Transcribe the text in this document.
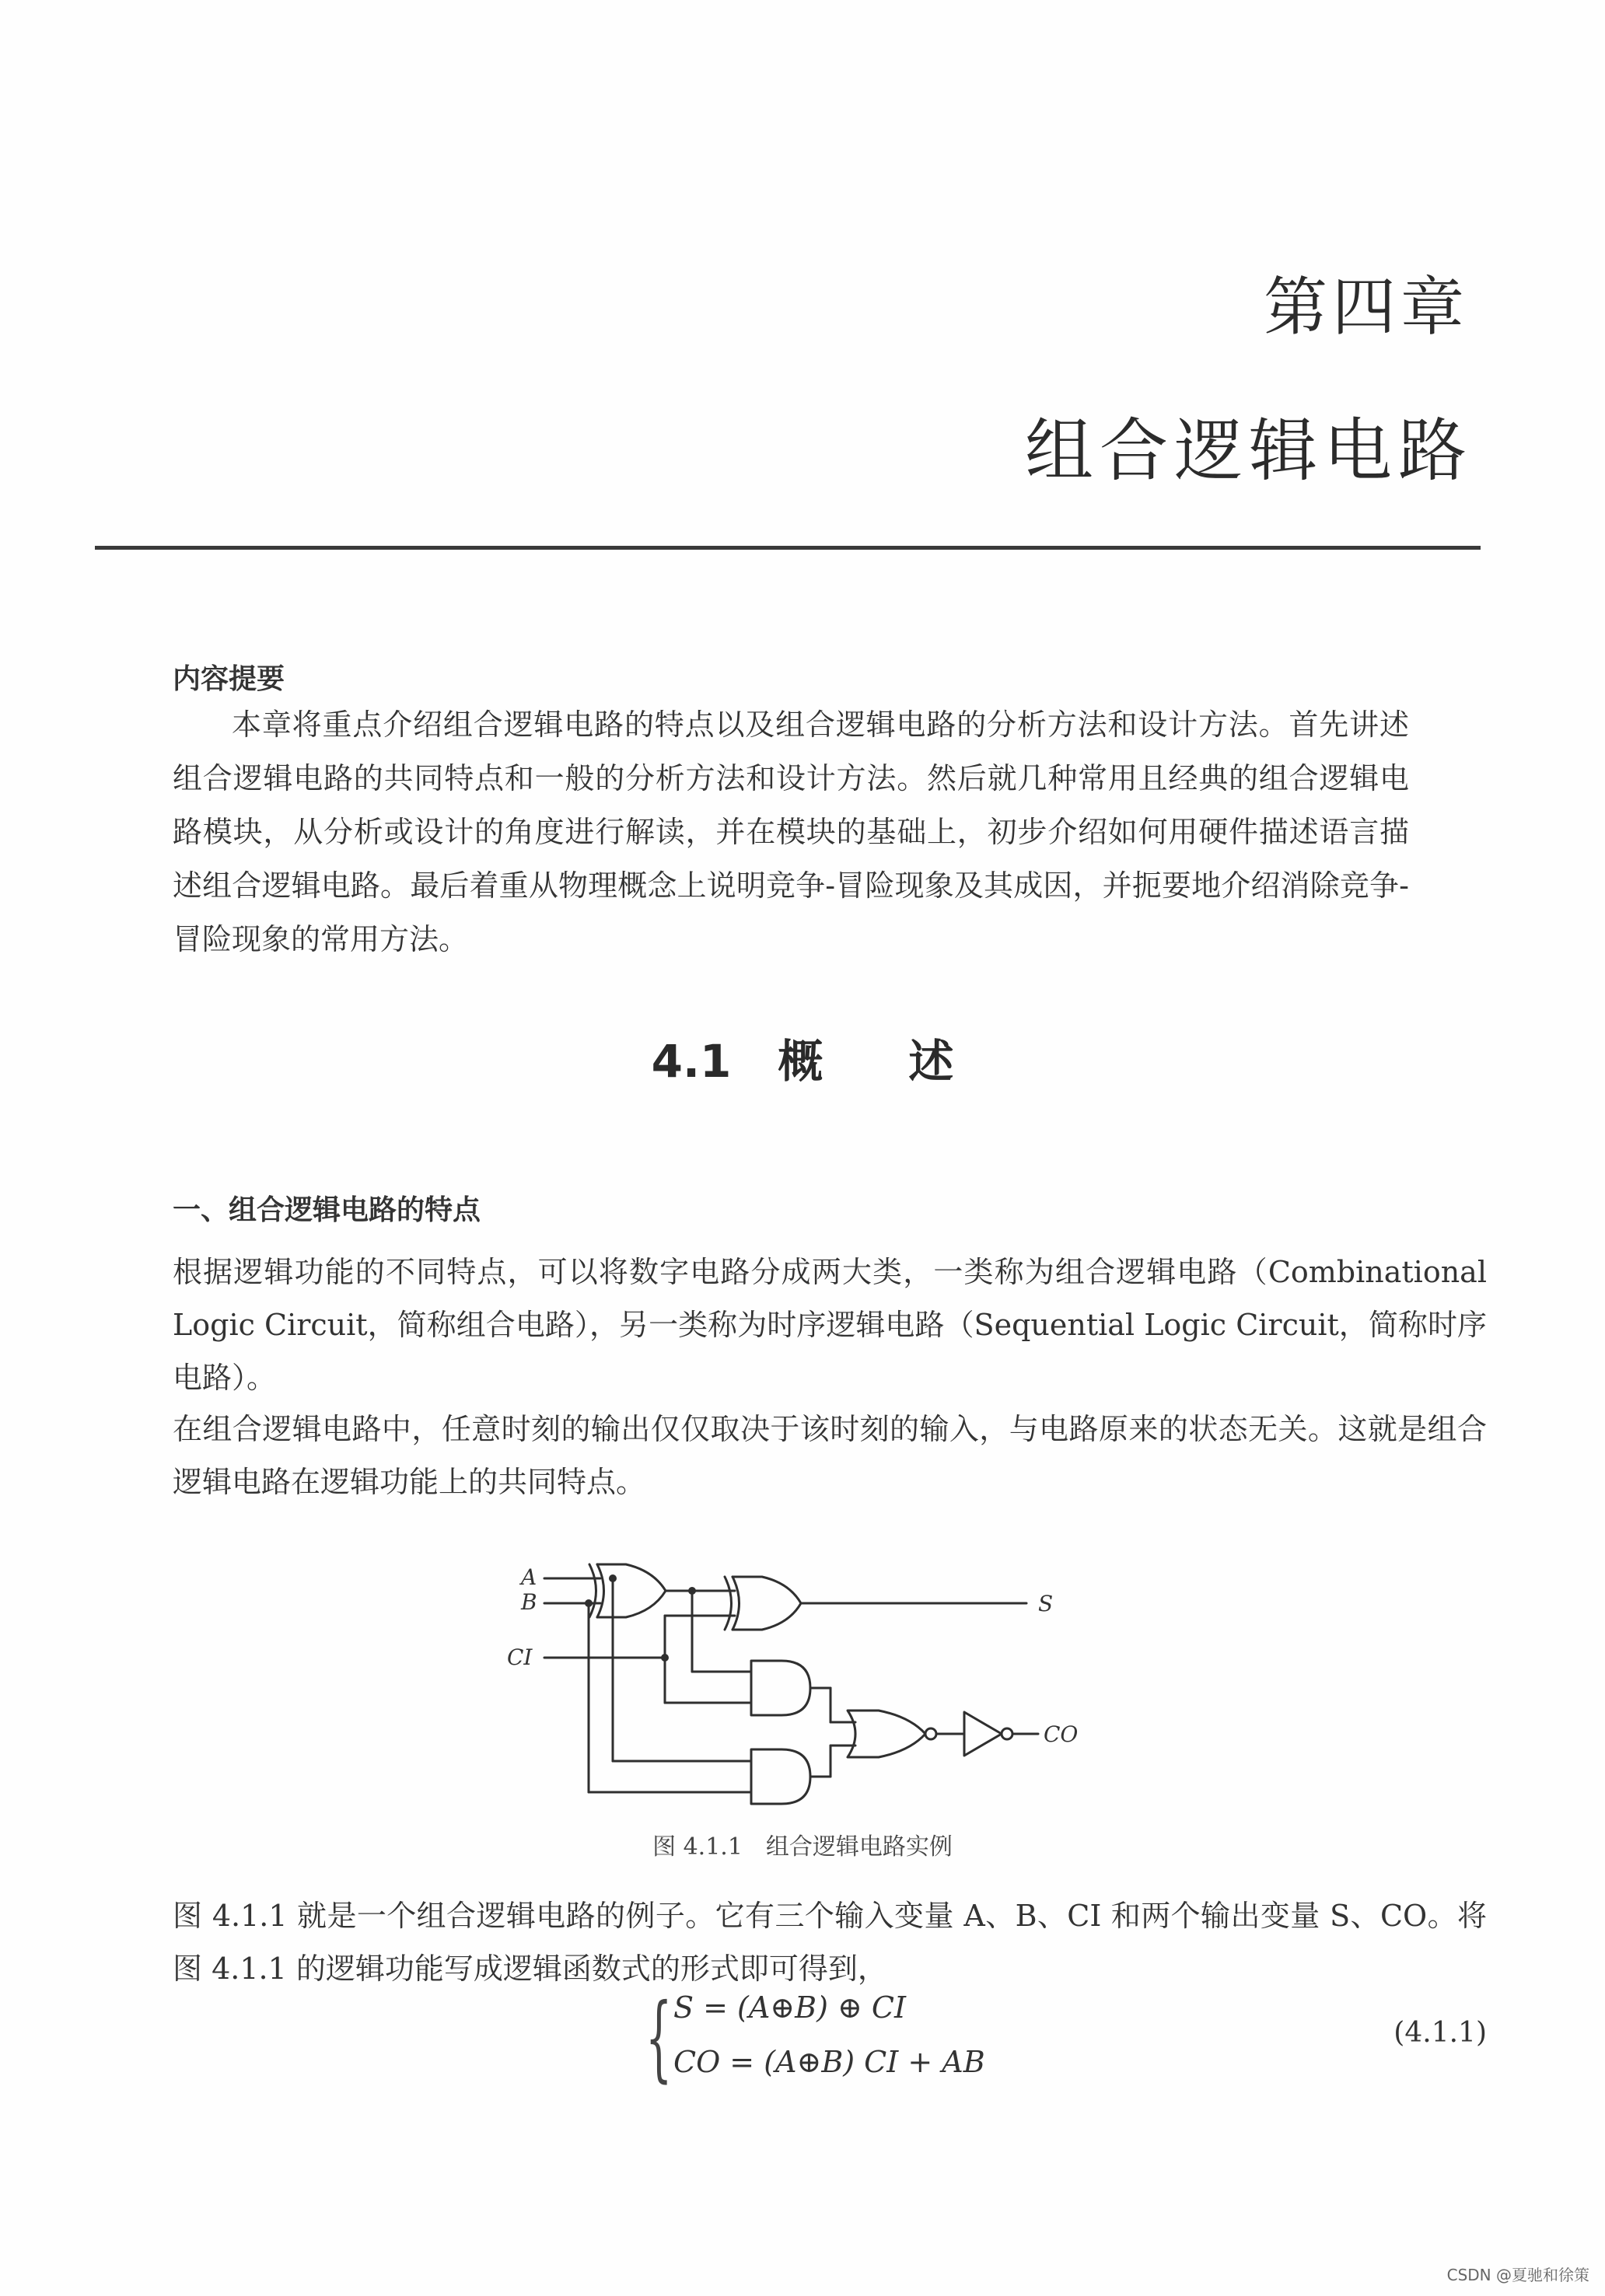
第四章
组合逻辑电路
内容提要
本章将重点介绍组合逻辑电路的特点以及组合逻辑电路的分析方法和设计方法。首先讲述组合逻辑电路的共同特点和一般的分析方法和设计方法。然后就几种常用且经典的组合逻辑电路模块，从分析或设计的角度进行解读，并在模块的基础上，初步介绍如何用硬件描述语言描述组合逻辑电路。最后着重从物理概念上说明竞争-冒险现象及其成因，并扼要地介绍消除竞争-冒险现象的常用方法。
4.1 概 述
一、组合逻辑电路的特点
根据逻辑功能的不同特点，可以将数字电路分成两大类，一类称为组合逻辑电路（Combinational Logic Circuit，简称组合电路），另一类称为时序逻辑电路（Sequential Logic Circuit，简称时序电路）。
在组合逻辑电路中，任意时刻的输出仅仅取决于该时刻的输入，与电路原来的状态无关。这就是组合逻辑电路在逻辑功能上的共同特点。
A
B
CI
S
CO
图 4.1.1　组合逻辑电路实例
图 4.1.1 就是一个组合逻辑电路的例子。它有三个输入变量 A、B、CI 和两个输出变量 S、CO。将图 4.1.1 的逻辑功能写成逻辑函数式的形式即可得到，
{ S = (A⊕B) ⊕ CI
CO = (A⊕B) CI + AB
(4.1.1)
CSDN @夏驰和徐策
